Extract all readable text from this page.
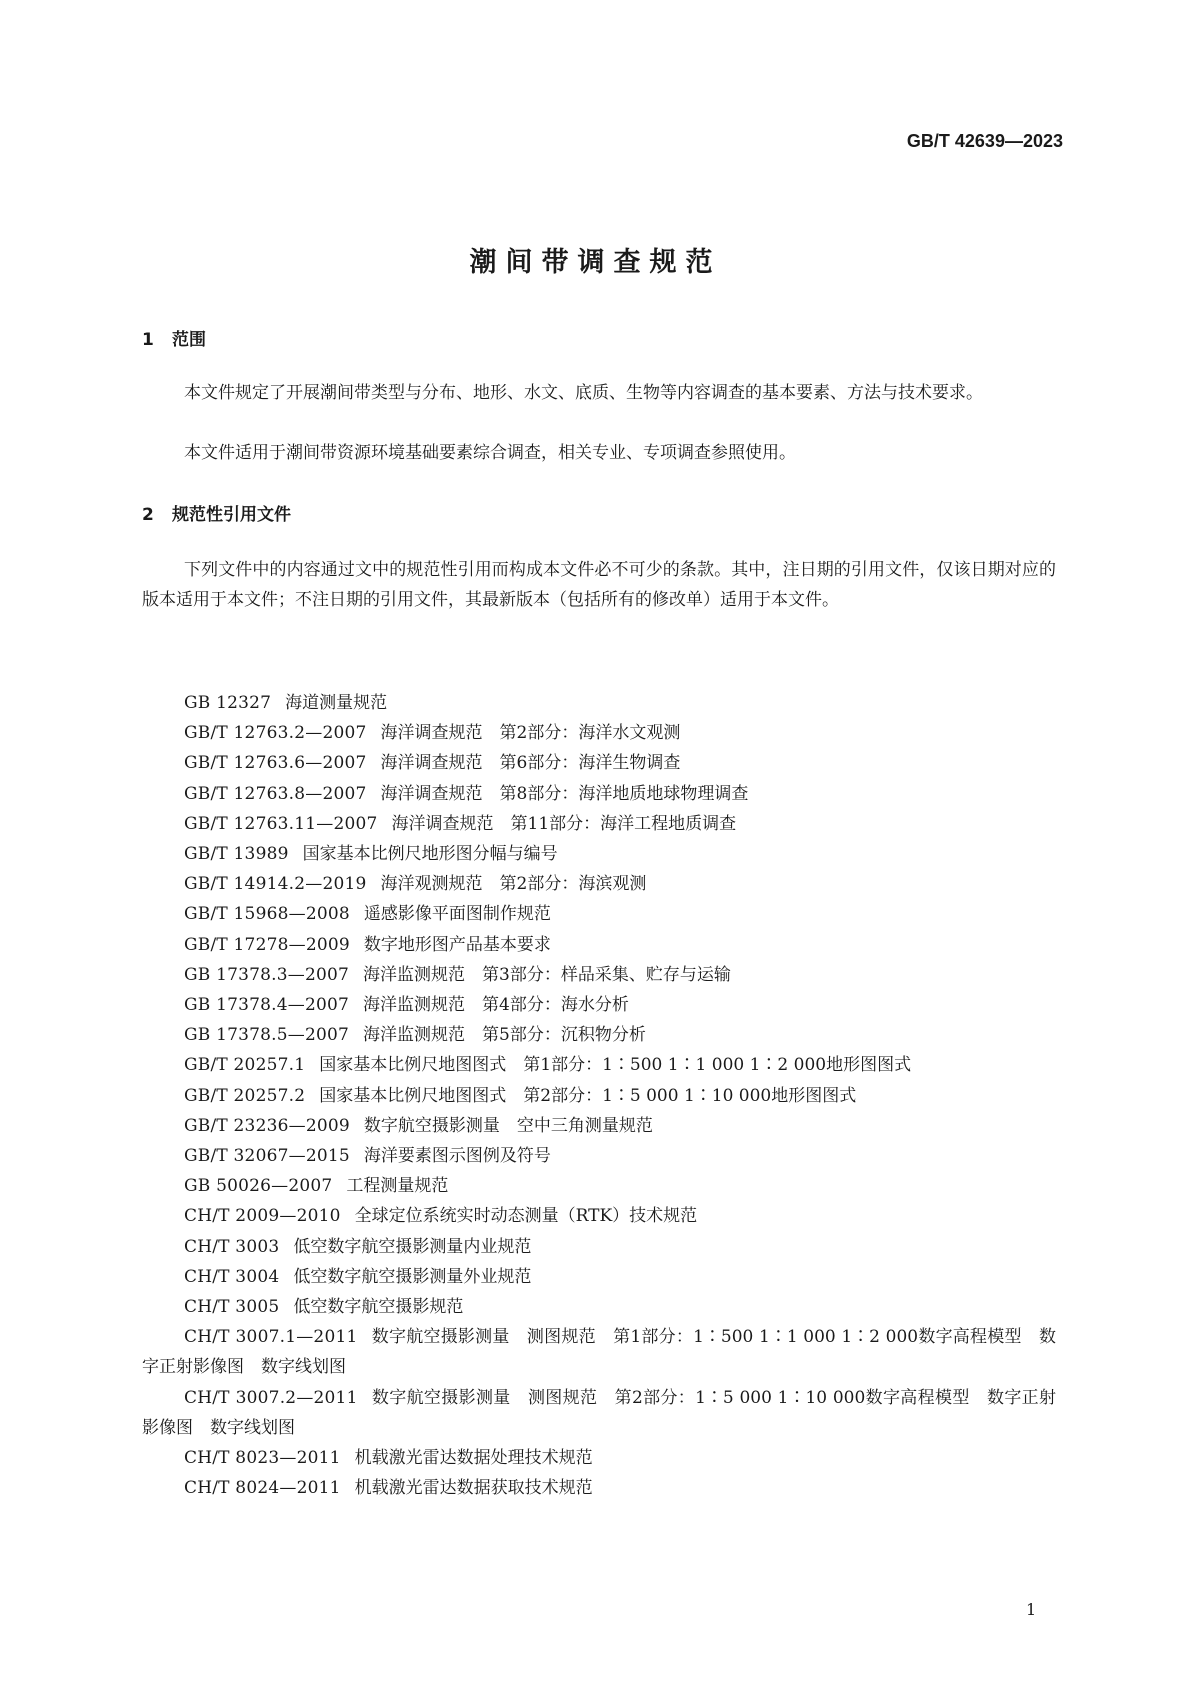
GB/T 42639—2023
潮间带调查规范
1 范围

本文件规定了开展潮间带类型与分布、地形、水文、底质、生物等内容调查的基本要素、方法与技术要求。

本文件适用于潮间带资源环境基础要素综合调查，相关专业、专项调查参照使用。

2 规范性引用文件

下列文件中的内容通过文中的规范性引用而构成本文件必不可少的条款。其中，注日期的引用文件，仅该日期对应的版本适用于本文件；不注日期的引用文件，其最新版本（包括所有的修改单）适用于本文件。

GB 12327 海道测量规范
GB/T 12763.2—2007 海洋调查规范　第2部分：海洋水文观测
GB/T 12763.6—2007 海洋调查规范　第6部分：海洋生物调查
GB/T 12763.8—2007 海洋调查规范　第8部分：海洋地质地球物理调查
GB/T 12763.11—2007 海洋调查规范　第11部分：海洋工程地质调查
GB/T 13989 国家基本比例尺地形图分幅与编号
GB/T 14914.2—2019 海洋观测规范　第2部分：海滨观测
GB/T 15968—2008 遥感影像平面图制作规范
GB/T 17278—2009 数字地形图产品基本要求
GB 17378.3—2007 海洋监测规范　第3部分：样品采集、贮存与运输
GB 17378.4—2007 海洋监测规范　第4部分：海水分析
GB 17378.5—2007 海洋监测规范　第5部分：沉积物分析
GB/T 20257.1 国家基本比例尺地图图式　第1部分：1∶500 1∶1 000 1∶2 000地形图图式
GB/T 20257.2 国家基本比例尺地图图式　第2部分：1∶5 000 1∶10 000地形图图式
GB/T 23236—2009 数字航空摄影测量　空中三角测量规范
GB/T 32067—2015 海洋要素图示图例及符号
GB 50026—2007 工程测量规范
CH/T 2009—2010 全球定位系统实时动态测量（RTK）技术规范
CH/T 3003 低空数字航空摄影测量内业规范
CH/T 3004 低空数字航空摄影测量外业规范
CH/T 3005 低空数字航空摄影规范
CH/T 3007.1—2011 数字航空摄影测量　测图规范　第1部分：1∶500 1∶1 000 1∶2 000数字高程模型　数字正射影像图　数字线划图
CH/T 3007.2—2011 数字航空摄影测量　测图规范　第2部分：1∶5 000 1∶10 000数字高程模型　数字正射影像图　数字线划图
CH/T 8023—2011 机载激光雷达数据处理技术规范
CH/T 8024—2011 机载激光雷达数据获取技术规范
1
